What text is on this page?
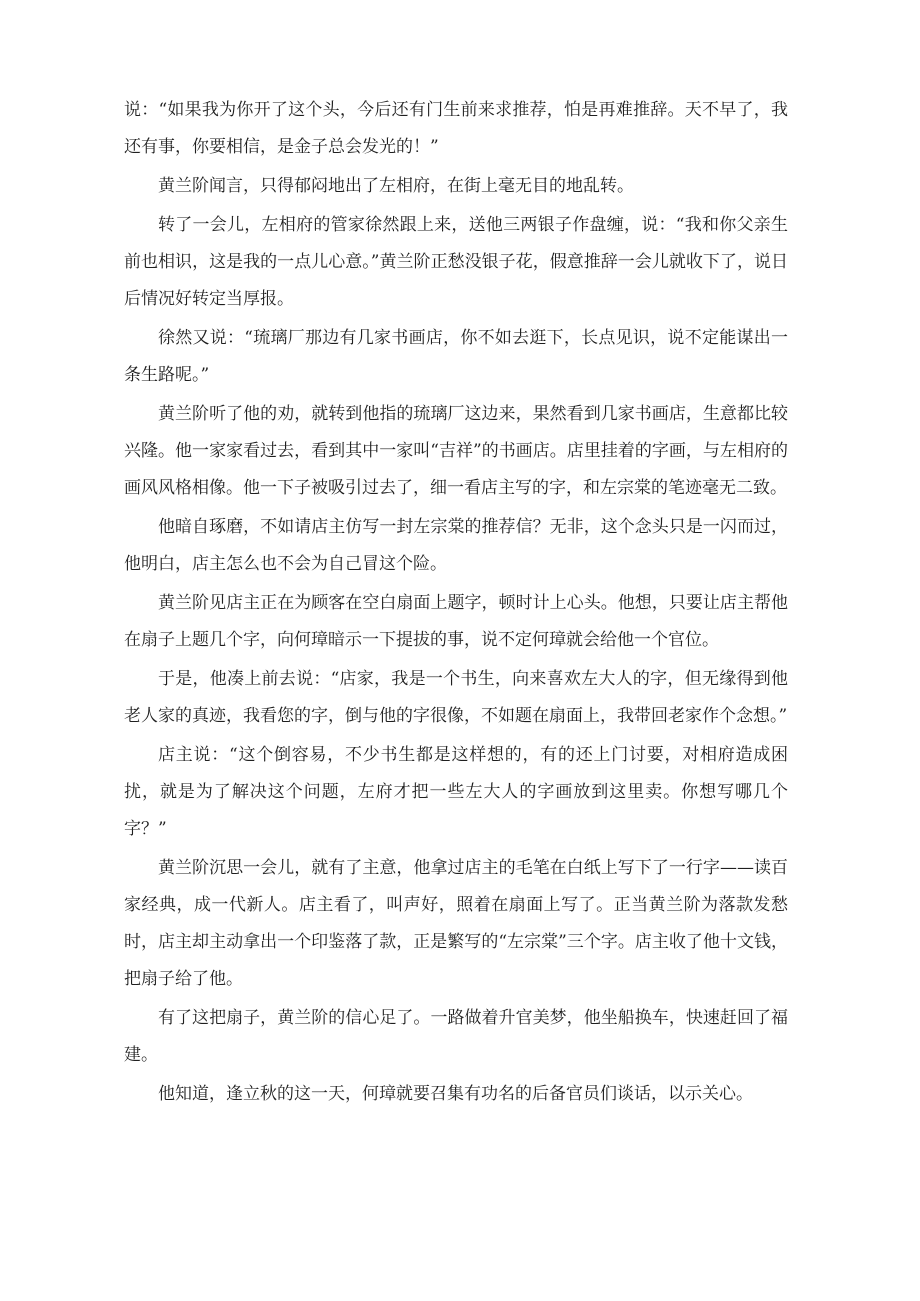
说：“如果我为你开了这个头，今后还有门生前来求推荐，怕是再难推辞。天不早了，我还有事，你要相信，是金子总会发光的！”

黄兰阶闻言，只得郁闷地出了左相府，在街上毫无目的地乱转。

转了一会儿，左相府的管家徐然跟上来，送他三两银子作盘缠，说：“我和你父亲生前也相识，这是我的一点儿心意。”黄兰阶正愁没银子花，假意推辞一会儿就收下了，说日后情况好转定当厚报。

徐然又说：“琉璃厂那边有几家书画店，你不如去逛下，长点见识，说不定能谋出一条生路呢。”

黄兰阶听了他的劝，就转到他指的琉璃厂这边来，果然看到几家书画店，生意都比较兴隆。他一家家看过去，看到其中一家叫“吉祥”的书画店。店里挂着的字画，与左相府的画风风格相像。他一下子被吸引过去了，细一看店主写的字，和左宗棠的笔迹毫无二致。

他暗自琢磨，不如请店主仿写一封左宗棠的推荐信？无非，这个念头只是一闪而过，他明白，店主怎么也不会为自己冒这个险。

黄兰阶见店主正在为顾客在空白扇面上题字，顿时计上心头。他想，只要让店主帮他在扇子上题几个字，向何璋暗示一下提拔的事，说不定何璋就会给他一个官位。

于是，他凑上前去说：“店家，我是一个书生，向来喜欢左大人的字，但无缘得到他老人家的真迹，我看您的字，倒与他的字很像，不如题在扇面上，我带回老家作个念想。”

店主说：“这个倒容易，不少书生都是这样想的，有的还上门讨要，对相府造成困扰，就是为了解决这个问题，左府才把一些左大人的字画放到这里卖。你想写哪几个字？”

黄兰阶沉思一会儿，就有了主意，他拿过店主的毛笔在白纸上写下了一行字——读百家经典，成一代新人。店主看了，叫声好，照着在扇面上写了。正当黄兰阶为落款发愁时，店主却主动拿出一个印鉴落了款，正是繁写的“左宗棠”三个字。店主收了他十文钱，把扇子给了他。

有了这把扇子，黄兰阶的信心足了。一路做着升官美梦，他坐船换车，快速赶回了福建。

他知道，逢立秋的这一天，何璋就要召集有功名的后备官员们谈话，以示关心。
